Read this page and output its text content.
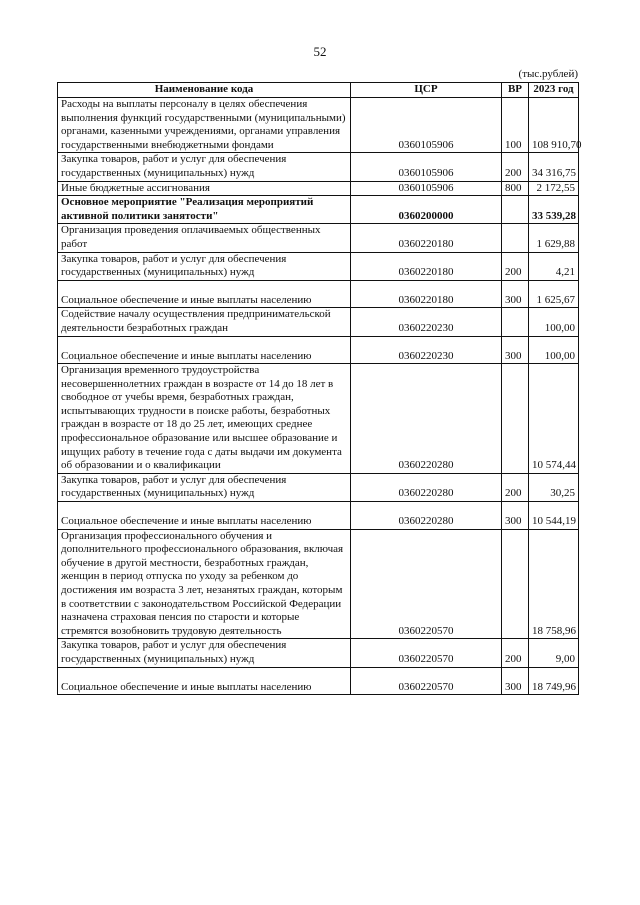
52
(тыс.рублей)
Наименование кода	ЦСР	ВР	2023 год
Расходы на выплаты персоналу в целях обеспечения выполнения функций государственными (муниципальными) органами, казенными учреждениями, органами управления государственными внебюджетными фондами	0360105906	100	108 910,70
Закупка товаров, работ и услуг для обеспечения государственных (муниципальных) нужд	0360105906	200	34 316,75
Иные бюджетные ассигнования	0360105906	800	2 172,55
Основное мероприятие "Реализация мероприятий активной политики занятости"	0360200000		33 539,28
Организация проведения оплачиваемых общественных работ	0360220180		1 629,88
Закупка товаров, работ и услуг для обеспечения государственных (муниципальных) нужд	0360220180	200	4,21
Социальное обеспечение и иные выплаты населению	0360220180	300	1 625,67
Содействие началу осуществления предпринимательской деятельности безработных граждан	0360220230		100,00
Социальное обеспечение и иные выплаты населению	0360220230	300	100,00
Организация временного трудоустройства несовершеннолетних граждан в возрасте от 14 до 18 лет в свободное от учебы время, безработных граждан, испытывающих трудности в поиске работы, безработных граждан в возрасте от 18 до 25 лет, имеющих среднее профессиональное образование или высшее образование и ищущих работу в течение года с даты выдачи им документа об образовании и о квалификации	0360220280		10 574,44
Закупка товаров, работ и услуг для обеспечения государственных (муниципальных) нужд	0360220280	200	30,25
Социальное обеспечение и иные выплаты населению	0360220280	300	10 544,19
Организация профессионального обучения и дополнительного профессионального образования, включая обучение в другой местности, безработных граждан, женщин в период отпуска по уходу за ребенком до достижения им возраста 3 лет, незанятых граждан, которым в соответствии с законодательством Российской Федерации назначена страховая пенсия по старости и которые стремятся возобновить трудовую деятельность	0360220570		18 758,96
Закупка товаров, работ и услуг для обеспечения государственных (муниципальных) нужд	0360220570	200	9,00
Социальное обеспечение и иные выплаты населению	0360220570	300	18 749,96
